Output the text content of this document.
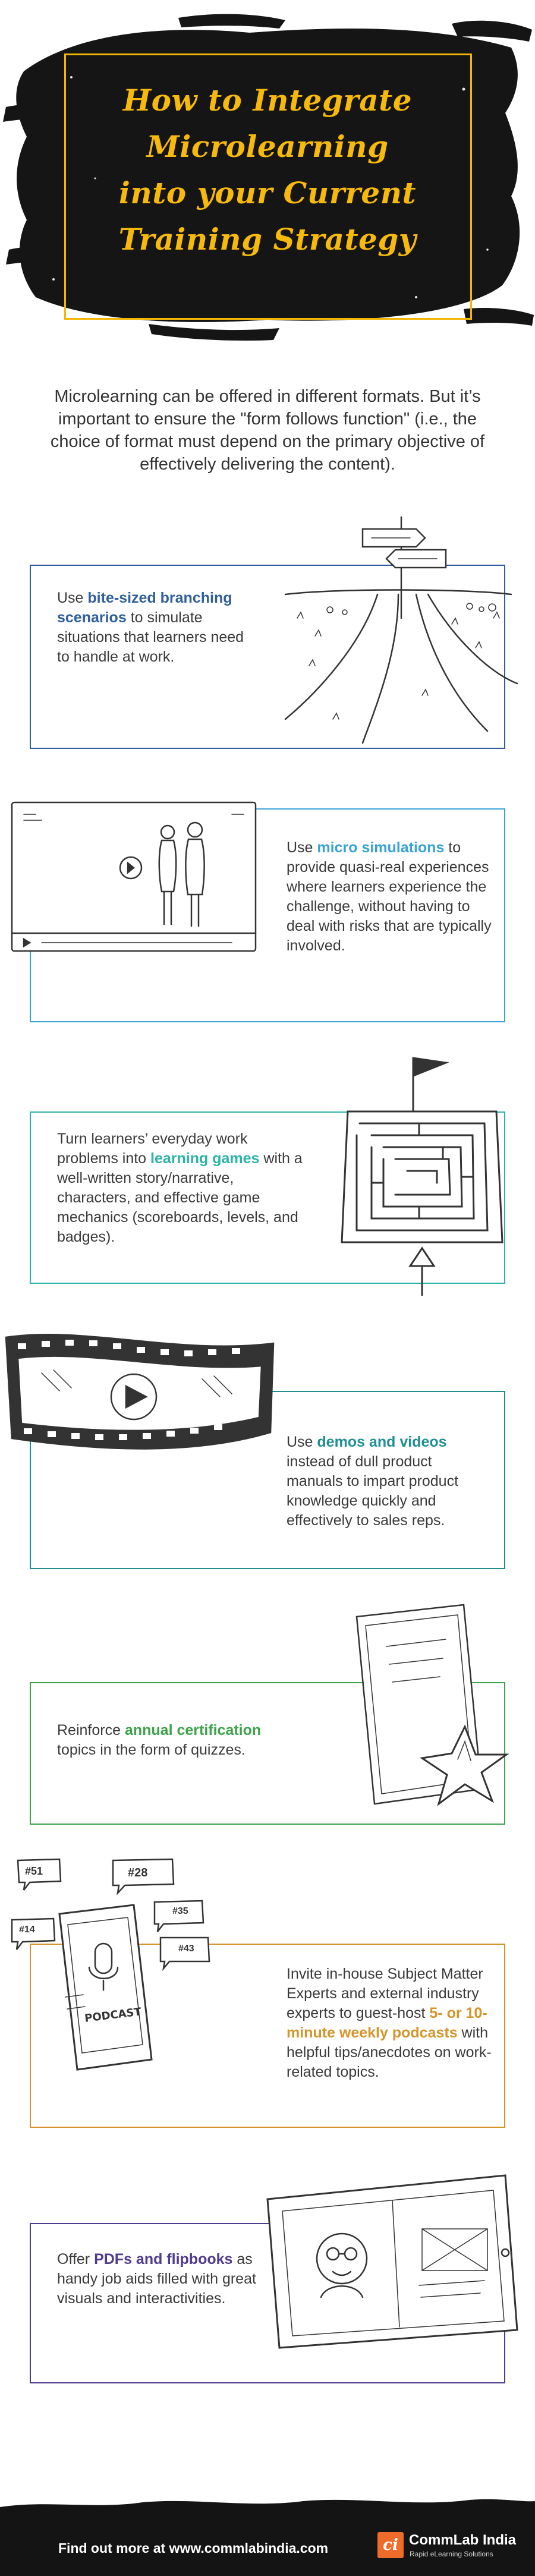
How to Integrate
Microlearning
into your Current
Training Strategy
Microlearning can be offered in different formats. But it’s important to ensure the "form follows function" (i.e., the choice of format must depend on the primary objective of effectively delivering the content).
Use bite-sized branching scenarios to simulate situations that learners need to handle at work.
Use micro simulations to provide quasi-real experiences where learners experience the challenge, without having to deal with risks that are typically involved.
Turn learners’ everyday work problems into learning games with a well-written story/narrative, characters, and effective game mechanics (scoreboards, levels, and badges).
Use demos and videos instead of dull product manuals to impart product knowledge quickly and effectively to sales reps.
Reinforce annual certification topics in the form of quizzes.
PODCAST
#51	#28
#35
#43
#14
Invite in-house Subject Matter Experts and external industry experts to guest-host 5- or 10-minute weekly podcasts with helpful tips/anecdotes on work-related topics.
Offer PDFs and flipbooks as handy job aids filled with great visuals and interactivities.
Find out more at www.commlabindia.com	ci CommLab India
Rapid eLearning Solutions
